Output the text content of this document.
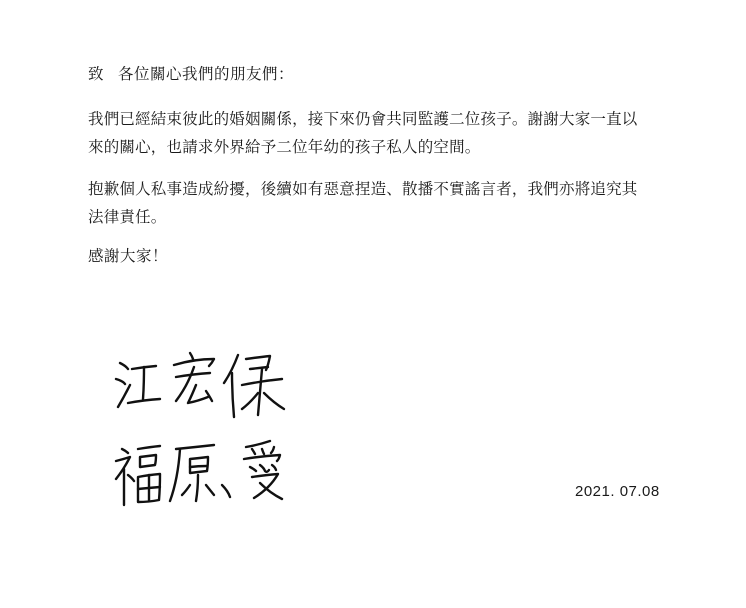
致 各位關心我們的朋友們：

我們已經結束彼此的婚姻關係，接下來仍會共同監護二位孩子。謝謝大家一直以
來的關心，也請求外界給予二位年幼的孩子私人的空間。

抱歉個人私事造成紛擾，後續如有惡意捏造、散播不實謠言者，我們亦將追究其
法律責任。

感謝大家！
2021. 07.08
